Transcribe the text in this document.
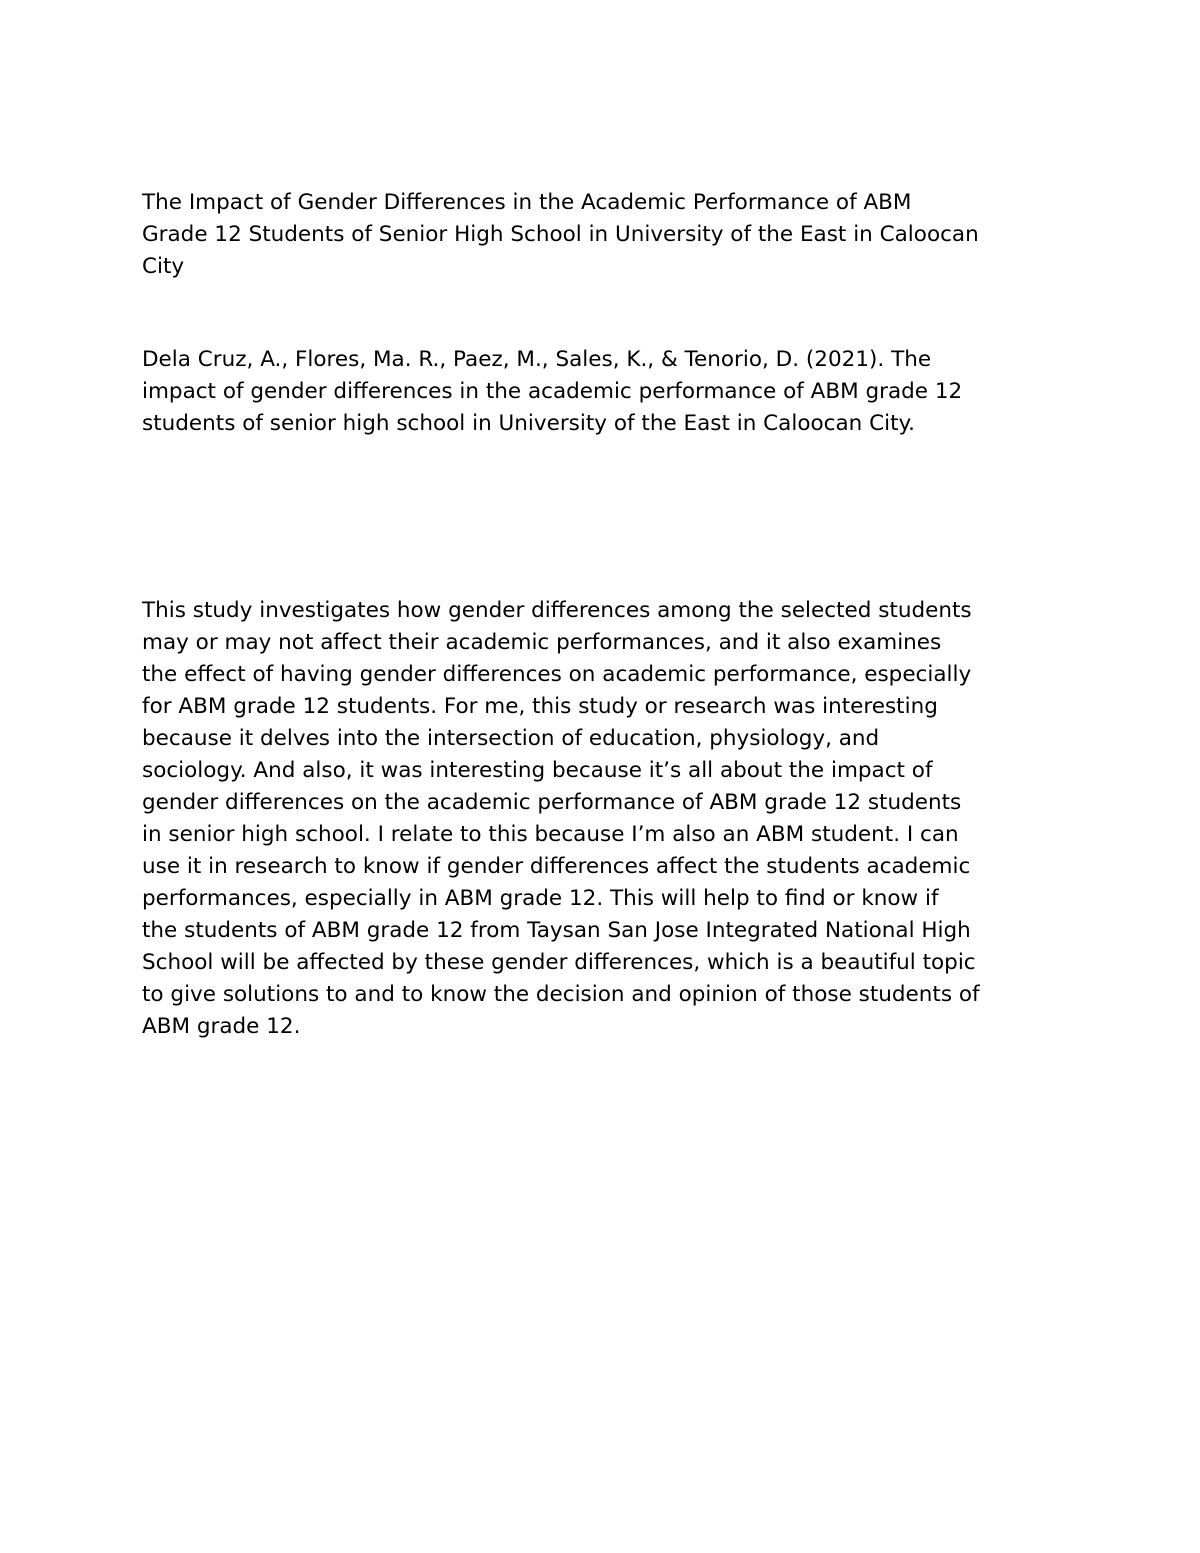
The Impact of Gender Differences in the Academic Performance of ABM
Grade 12 Students of Senior High School in University of the East in Caloocan
City

Dela Cruz, A., Flores, Ma. R., Paez, M., Sales, K., & Tenorio, D. (2021). The
impact of gender differences in the academic performance of ABM grade 12
students of senior high school in University of the East in Caloocan City.

This study investigates how gender differences among the selected students
may or may not affect their academic performances, and it also examines
the effect of having gender differences on academic performance, especially
for ABM grade 12 students. For me, this study or research was interesting
because it delves into the intersection of education, physiology, and
sociology. And also, it was interesting because it’s all about the impact of
gender differences on the academic performance of ABM grade 12 students
in senior high school. I relate to this because I’m also an ABM student. I can
use it in research to know if gender differences affect the students academic
performances, especially in ABM grade 12. This will help to find or know if
the students of ABM grade 12 from Taysan San Jose Integrated National High
School will be affected by these gender differences, which is a beautiful topic
to give solutions to and to know the decision and opinion of those students of
ABM grade 12.
